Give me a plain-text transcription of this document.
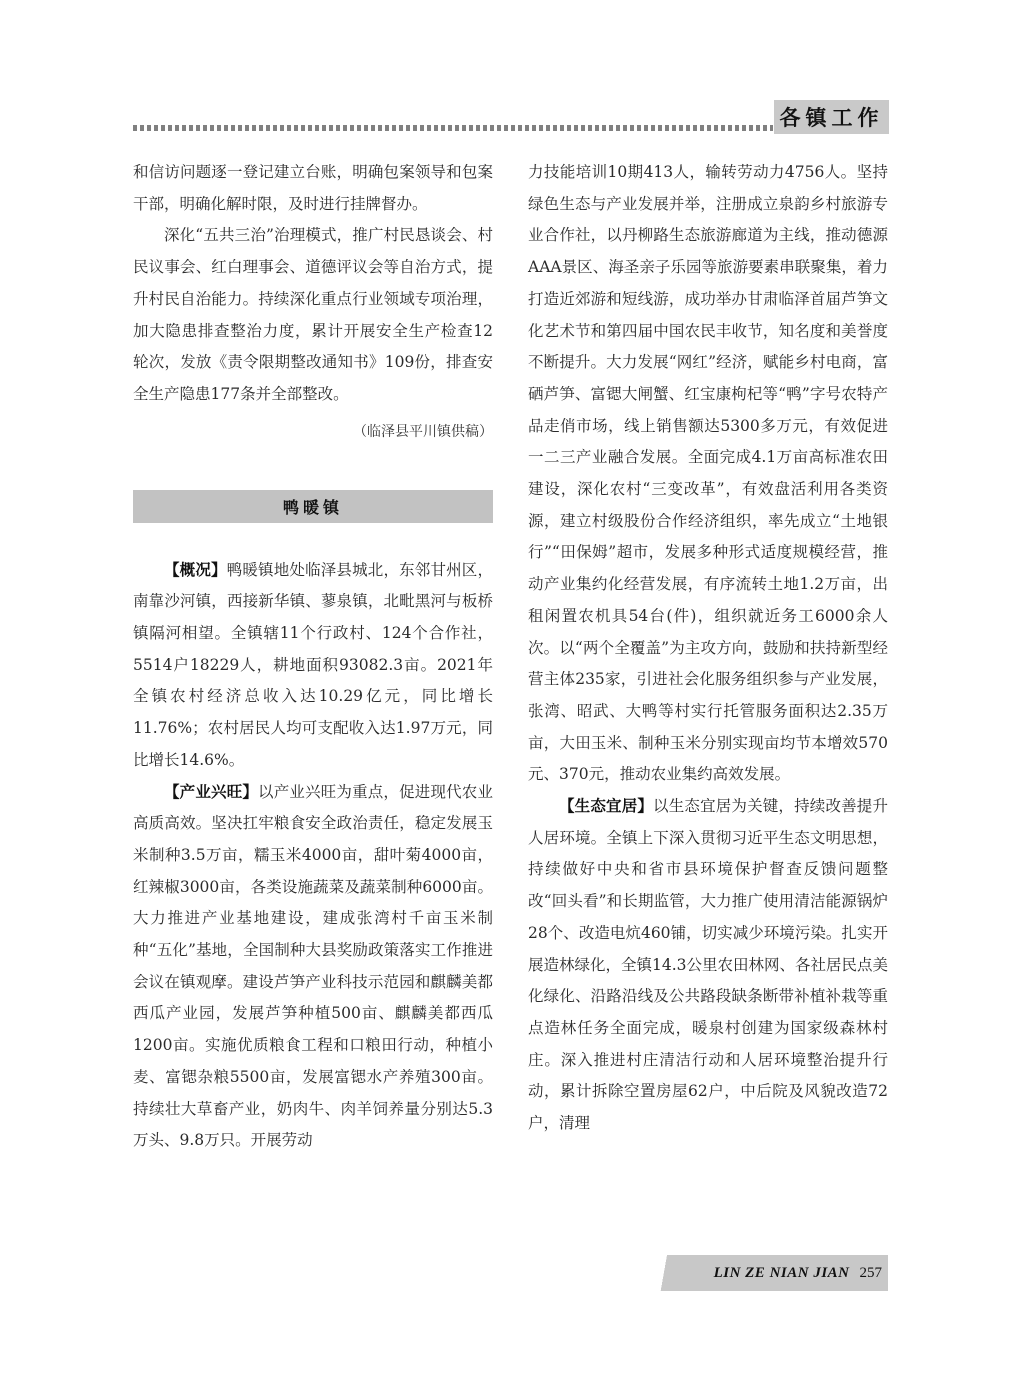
各镇工作

和信访问题逐一登记建立台账，明确包案领导和包案干部，明确化解时限，及时进行挂牌督办。

深化“五共三治”治理模式，推广村民恳谈会、村民议事会、红白理事会、道德评议会等自治方式，提升村民自治能力。持续深化重点行业领域专项治理，加大隐患排查整治力度，累计开展安全生产检查12轮次，发放《责令限期整改通知书》109份，排查安全生产隐患177条并全部整改。

（临泽县平川镇供稿）
鸭暖镇

【概况】鸭暖镇地处临泽县城北，东邻甘州区，南靠沙河镇，西接新华镇、蓼泉镇，北毗黑河与板桥镇隔河相望。全镇辖11个行政村、124个合作社，5514户18229人，耕地面积93082.3亩。2021年全镇农村经济总收入达10.29亿元，同比增长11.76%；农村居民人均可支配收入达1.97万元，同比增长14.6%。

【产业兴旺】以产业兴旺为重点，促进现代农业高质高效。坚决扛牢粮食安全政治责任，稳定发展玉米制种3.5万亩，糯玉米4000亩，甜叶菊4000亩，红辣椒3000亩，各类设施蔬菜及蔬菜制种6000亩。大力推进产业基地建设，建成张湾村千亩玉米制种“五化”基地，全国制种大县奖励政策落实工作推进会议在镇观摩。建设芦笋产业科技示范园和麒麟美都西瓜产业园，发展芦笋种植500亩、麒麟美都西瓜1200亩。实施优质粮食工程和口粮田行动，种植小麦、富锶杂粮5500亩，发展富锶水产养殖300亩。持续壮大草畜产业，奶肉牛、肉羊饲养量分别达5.3万头、9.8万只。开展劳动

力技能培训10期413人，输转劳动力4756人。坚持绿色生态与产业发展并举，注册成立泉韵乡村旅游专业合作社，以丹柳路生态旅游廊道为主线，推动德源AAA景区、海圣亲子乐园等旅游要素串联聚集，着力打造近郊游和短线游，成功举办甘肃临泽首届芦笋文化艺术节和第四届中国农民丰收节，知名度和美誉度不断提升。大力发展“网红”经济，赋能乡村电商，富硒芦笋、富锶大闸蟹、红宝康枸杞等“鸭”字号农特产品走俏市场，线上销售额达5300多万元，有效促进一二三产业融合发展。全面完成4.1万亩高标准农田建设，深化农村“三变改革”，有效盘活利用各类资源，建立村级股份合作经济组织，率先成立“土地银行”“田保姆”超市，发展多种形式适度规模经营，推动产业集约化经营发展，有序流转土地1.2万亩，出租闲置农机具54台(件)，组织就近务工6000余人次。以“两个全覆盖”为主攻方向，鼓励和扶持新型经营主体235家，引进社会化服务组织参与产业发展，张湾、昭武、大鸭等村实行托管服务面积达2.35万亩，大田玉米、制种玉米分别实现亩均节本增效570元、370元，推动农业集约高效发展。

【生态宜居】以生态宜居为关键，持续改善提升人居环境。全镇上下深入贯彻习近平生态文明思想，持续做好中央和省市县环境保护督查反馈问题整改“回头看”和长期监管，大力推广使用清洁能源锅炉28个、改造电炕460铺，切实减少环境污染。扎实开展造林绿化，全镇14.3公里农田林网、各社居民点美化绿化、沿路沿线及公共路段缺条断带补植补栽等重点造林任务全面完成，暖泉村创建为国家级森林村庄。深入推进村庄清洁行动和人居环境整治提升行动，累计拆除空置房屋62户，中后院及风貌改造72户，清理

LIN ZE NIAN JIAN 257
